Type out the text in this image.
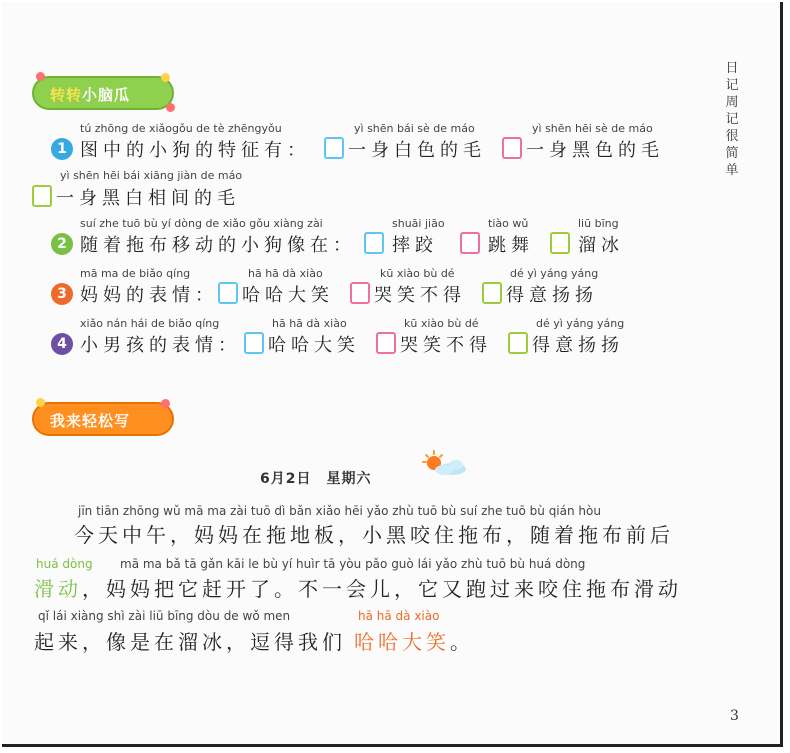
日
记
周
记
很
简
单
转转小脑瓜
tú zhōng de xiǎogǒu de tè zhēngyǒu
1 图中的小狗的特征有：
yì shēn bái sè de máo
一身白色的毛
yì shēn hēi sè de máo
一身黑色的毛
yì shēn hēi bái xiāng jiàn de máo
一身黑白相间的毛
suí zhe tuō bù yí dòng de xiǎo gǒu xiàng zài
2 随着拖布移动的小狗像在：
shuāi jiāo
摔跤
tiào wǔ
跳舞
liū bīng
溜冰
mā ma de biǎo qíng
3 妈妈的表情：
hā hā dà xiào
哈哈大笑
kū xiào bù dé
哭笑不得
dé yì yáng yáng
得意扬扬
xiǎo nán hái de biǎo qíng
4 小男孩的表情：
hā hā dà xiào
哈哈大笑
kū xiào bù dé
哭笑不得
dé yì yáng yáng
得意扬扬
我来轻松写
6月2日　星期六
jīn tiān zhōng wǔ mā ma zài tuō dì bǎn xiǎo hēi yǎo zhù tuō bù suí zhe tuō bù qián hòu
今天中午，妈妈在拖地板，小黑咬住拖布，随着拖布前后
huá dòng mā ma bǎ tā gǎn kāi le bù yí huìr tā yòu pǎo guò lái yǎo zhù tuō bù huá dòng
滑动 ，妈妈把它赶开了。不一会儿，它又跑过来咬住拖布滑动
qǐ lái xiàng shì zài liū bīng dòu de wǒ men	hā hā dà xiào
起来，像是在溜冰，逗得我们 哈哈大笑 。
3
